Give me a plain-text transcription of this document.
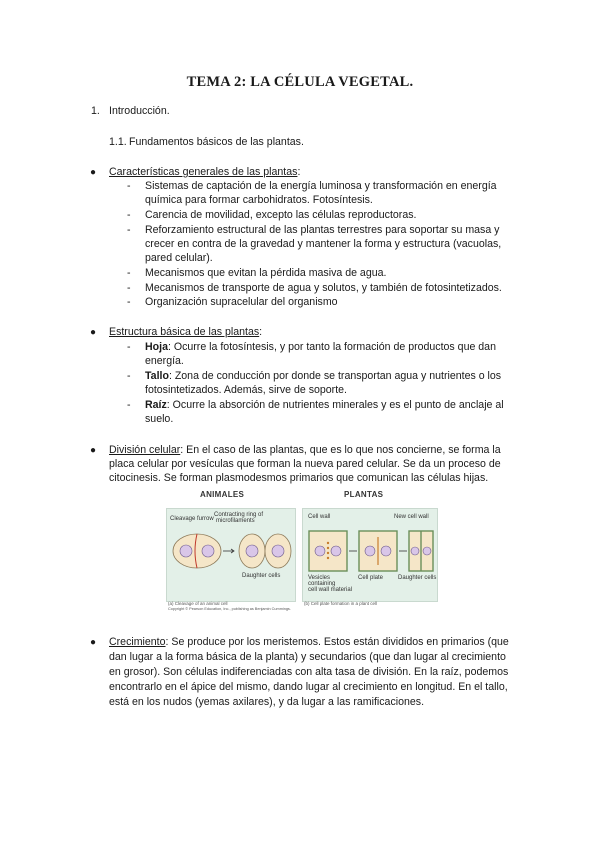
TEMA 2: LA CÉLULA VEGETAL.
1. Introducción.
1.1. Fundamentos básicos de las plantas.
● Características generales de las plantas:
- Sistemas de captación de la energía luminosa y transformación en energía
química para formar carbohidratos. Fotosíntesis.
- Carencia de movilidad, excepto las células reproductoras.
- Reforzamiento estructural de las plantas terrestres para soportar su masa y
crecer en contra de la gravedad y mantener la forma y estructura (vacuolas,
pared celular).
- Mecanismos que evitan la pérdida masiva de agua.
- Mecanismos de transporte de agua y solutos, y también de fotosintetizados.
- Organización supracelular del organismo
● Estructura básica de las plantas:
- Hoja: Ocurre la fotosíntesis, y por tanto la formación de productos que dan
energía.
- Tallo: Zona de conducción por donde se transportan agua y nutrientes o los
fotosintetizados. Además, sirve de soporte.
- Raíz: Ocurre la absorción de nutrientes minerales y es el punto de anclaje al
suelo.
● División celular: En el caso de las plantas, que es lo que nos concierne, se forma la
placa celular por vesículas que forman la nueva pared celular. Se da un proceso de
citocinesis. Se forman plasmodesmos primarios que comunican las células hijas.
ANIMALES	PLANTAS
Cleavage furrow
Contracting ring of
microfilaments
Daughter cells
Cell wall	New cell wall
Vesicles
containing
cell wall material
Cell plate Daughter cells
(a) Cleavage of an animal cell	(b) Cell plate formation in a plant cell
Copyright © Pearson Education, Inc., publishing as Benjamin Cummings.
● Crecimiento: Se produce por los meristemos. Estos están divididos en primarios (que
dan lugar a la forma básica de la planta) y secundarios (que dan lugar al crecimiento
en grosor). Son células indiferenciadas con alta tasa de división. En la raíz, podemos
encontrarlo en el ápice del mismo, dando lugar al crecimiento en longitud. En el tallo,
está en los nudos (yemas axilares), y da lugar a las ramificaciones.
